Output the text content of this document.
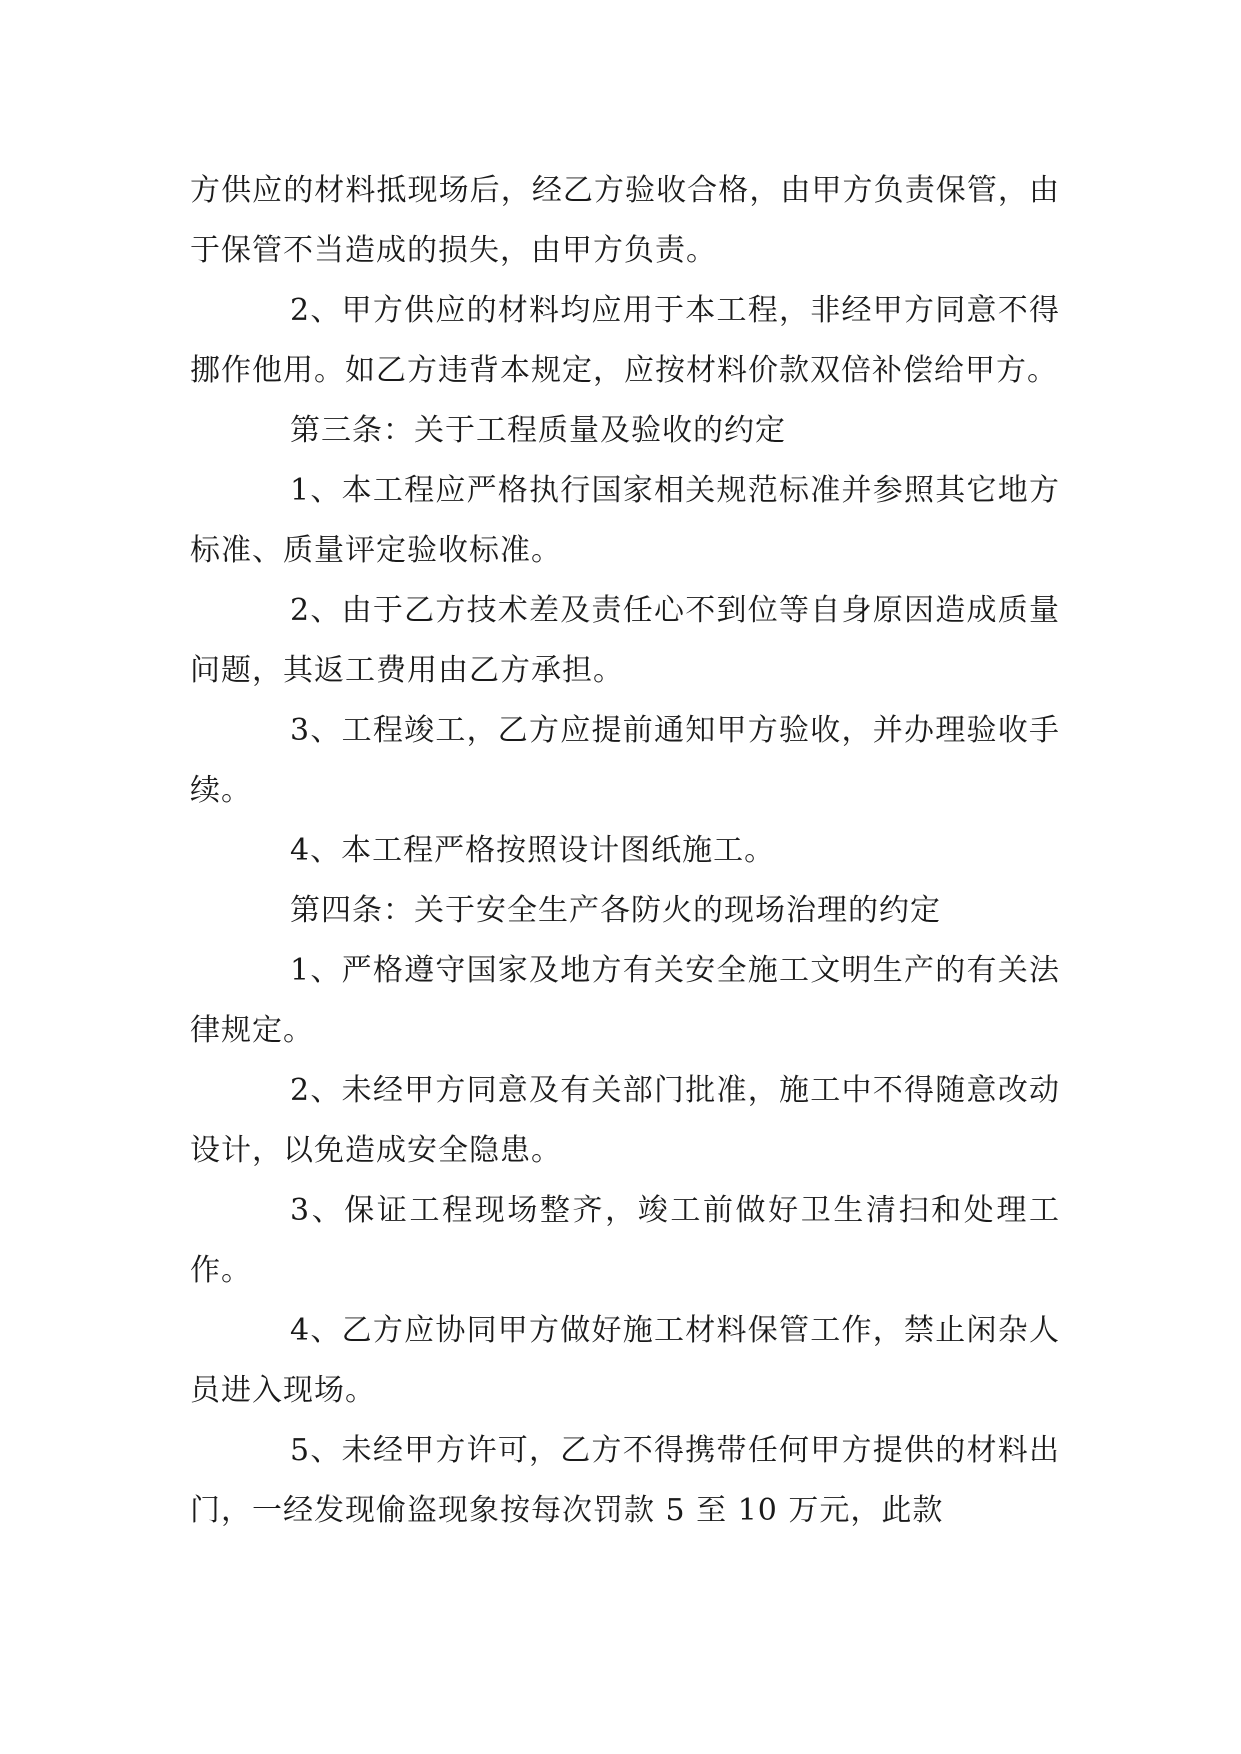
方供应的材料抵现场后，经乙方验收合格，由甲方负责保管，由于保管不当造成的损失，由甲方负责。

2、甲方供应的材料均应用于本工程，非经甲方同意不得挪作他用。如乙方违背本规定，应按材料价款双倍补偿给甲方。

第三条：关于工程质量及验收的约定

1、本工程应严格执行国家相关规范标准并参照其它地方标准、质量评定验收标准。

2、由于乙方技术差及责任心不到位等自身原因造成质量问题，其返工费用由乙方承担。

3、工程竣工，乙方应提前通知甲方验收，并办理验收手续。

4、本工程严格按照设计图纸施工。

第四条：关于安全生产各防火的现场治理的约定

1、严格遵守国家及地方有关安全施工文明生产的有关法律规定。

2、未经甲方同意及有关部门批准，施工中不得随意改动设计，以免造成安全隐患。

3、保证工程现场整齐，竣工前做好卫生清扫和处理工作。

4、乙方应协同甲方做好施工材料保管工作，禁止闲杂人员进入现场。

5、未经甲方许可，乙方不得携带任何甲方提供的材料出门，一经发现偷盗现象按每次罚款 5 至 10 万元，此款
